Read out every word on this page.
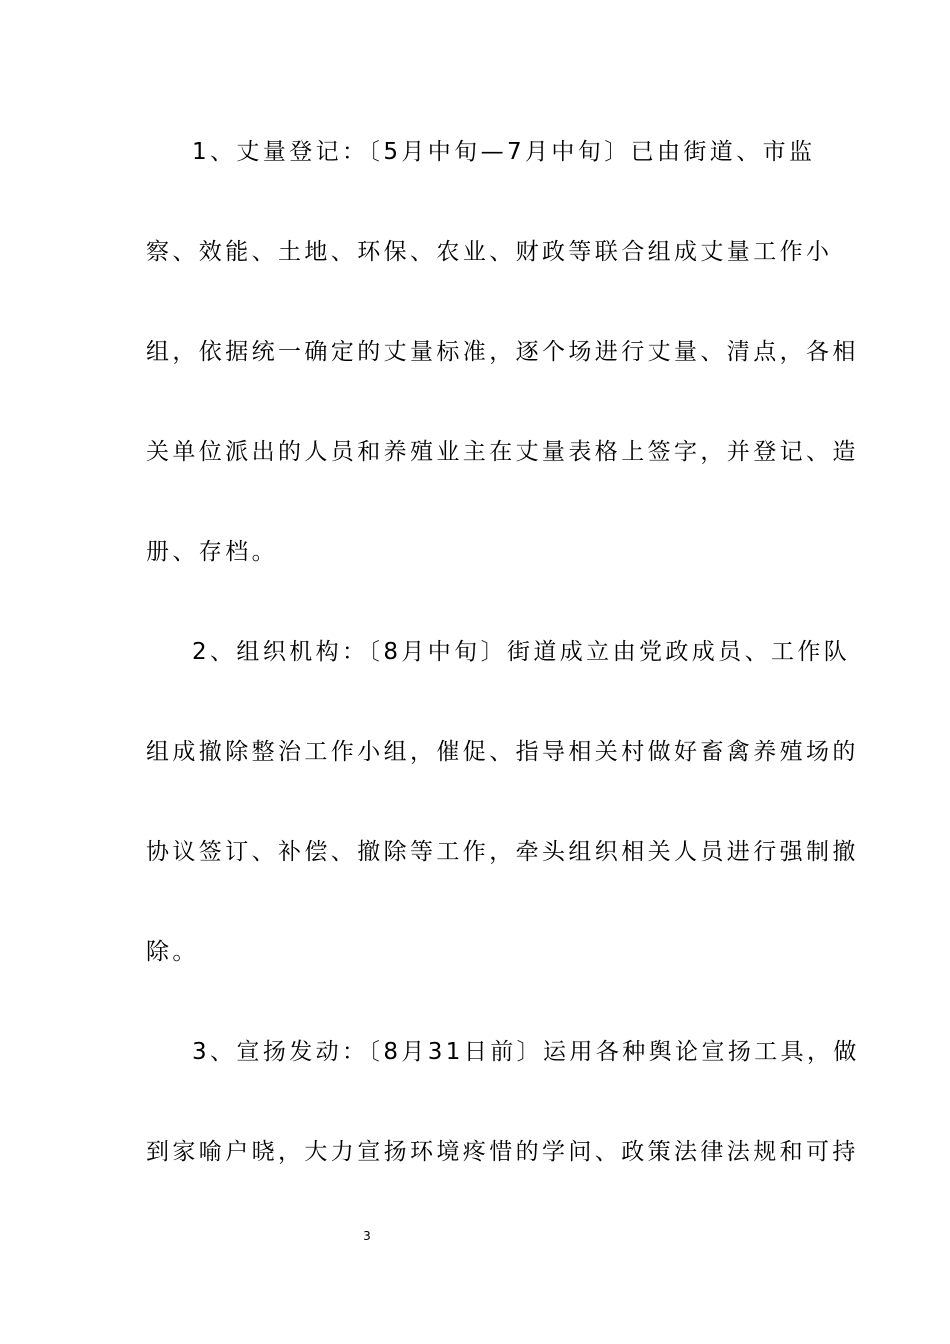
1、丈量登记：〔5月中旬—7月中旬〕已由街道、市监
察、效能、土地、环保、农业、财政等联合组成丈量工作小
组，依据统一确定的丈量标准，逐个场进行丈量、清点，各相
关单位派出的人员和养殖业主在丈量表格上签字，并登记、造
册、存档。
2、组织机构：〔8月中旬〕街道成立由党政成员、工作队
组成撤除整治工作小组，催促、指导相关村做好畜禽养殖场的
协议签订、补偿、撤除等工作，牵头组织相关人员进行强制撤
除。
3、宣扬发动：〔8月31日前〕运用各种舆论宣扬工具，做
到家喻户晓，大力宣扬环境疼惜的学问、政策法律法规和可持
3
